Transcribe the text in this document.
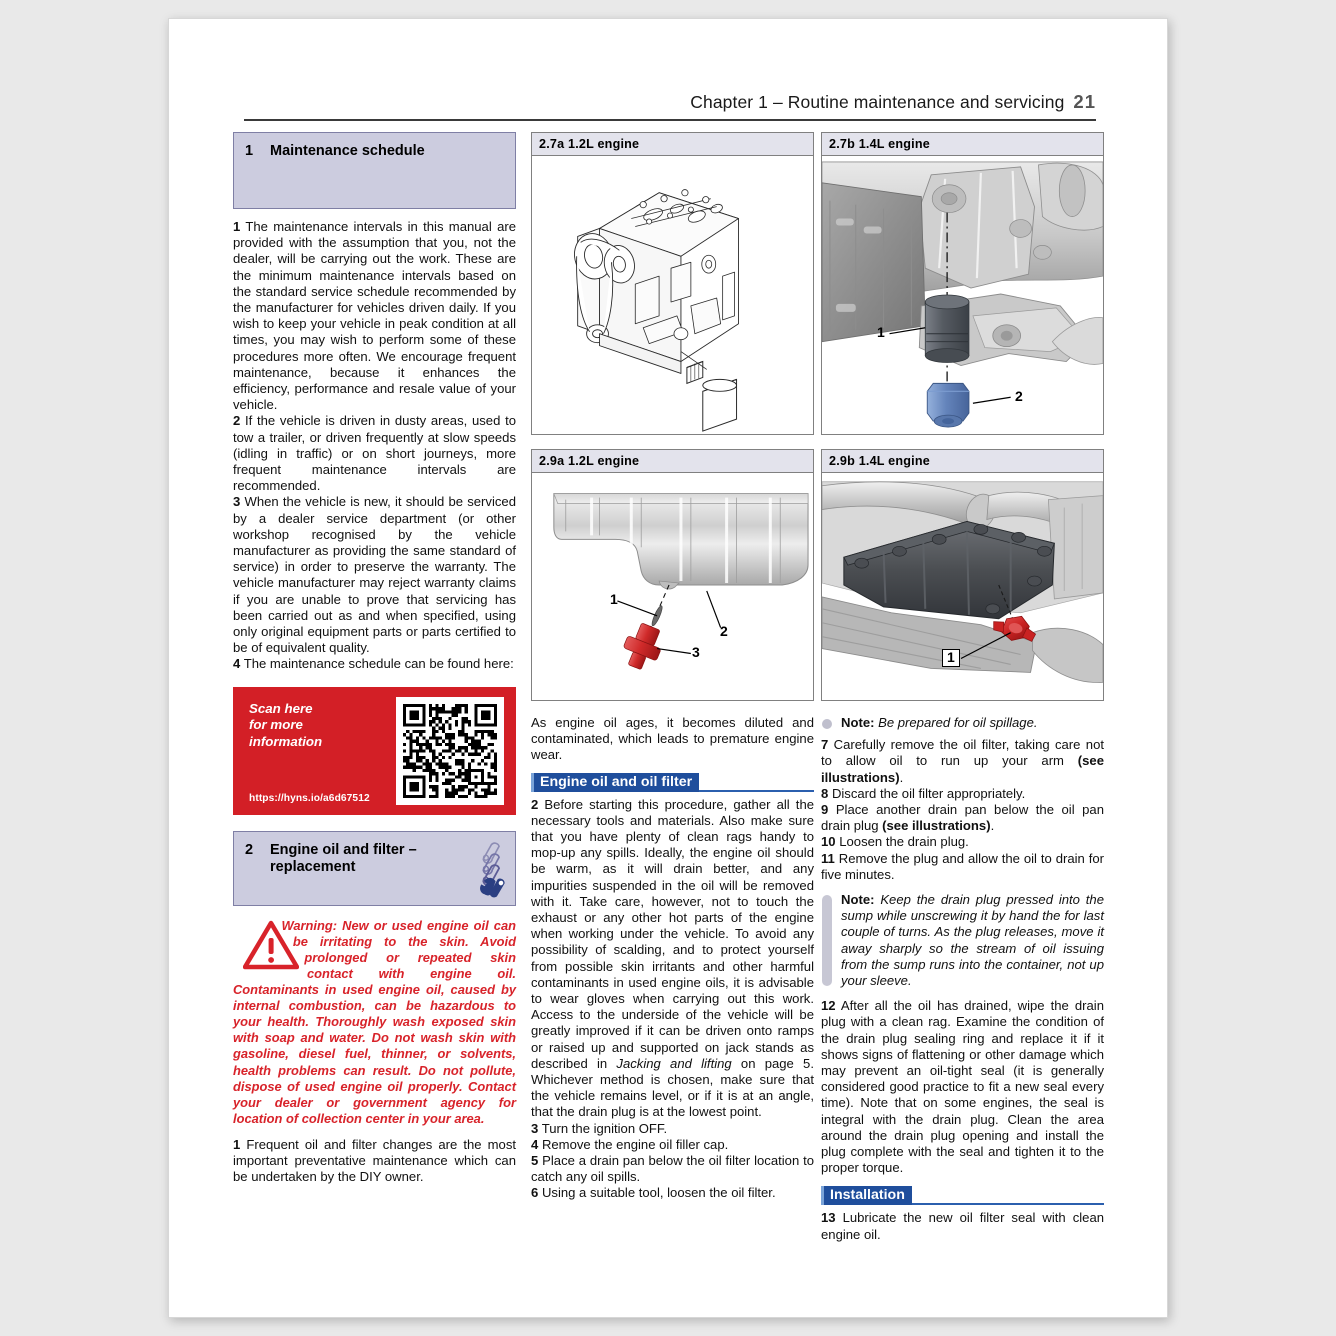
Chapter 1 – Routine maintenance and servicing 21
1 Maintenance schedule

1 The maintenance intervals in this manual are provided with the assumption that you, not the dealer, will be carrying out the work. These are the minimum maintenance intervals based on the standard service schedule recommended by the manufacturer for vehicles driven daily. If you wish to keep your vehicle in peak condition at all times, you may wish to perform some of these procedures more often. We encourage frequent maintenance, because it enhances the efficiency, performance and resale value of your vehicle.

2 If the vehicle is driven in dusty areas, used to tow a trailer, or driven frequently at slow speeds (idling in traffic) or on short journeys, more frequent maintenance intervals are recommended.

3 When the vehicle is new, it should be serviced by a dealer service department (or other workshop recognised by the vehicle manufacturer as providing the same standard of service) in order to preserve the warranty. The vehicle manufacturer may reject warranty claims if you are unable to prove that servicing has been carried out as and when specified, using only original equipment parts or parts certified to be of equivalent quality.

4 The maintenance schedule can be found here:

Scan here
for more
information
https://hyns.io/a6d67512
2 Engine oil and filter – replacement

Warning: New or used engine oil can be irritating to the skin. Avoid prolonged or repeated skin contact with engine oil. Contaminants in used engine oil, caused by internal combustion, can be hazardous to your health. Thoroughly wash exposed skin with soap and water. Do not wash skin with gasoline, diesel fuel, thinner, or solvents, health problems can result. Do not pollute, dispose of used engine oil properly. Contact your dealer or government agency for location of collection center in your area.

1 Frequent oil and filter changes are the most important preventative maintenance which can be undertaken by the DIY owner.

2.7a 1.2L engine
2.9a 1.2L engine
1
2
3

As engine oil ages, it becomes diluted and contaminated, which leads to premature engine wear.

Engine oil and oil filter

2 Before starting this procedure, gather all the necessary tools and materials. Also make sure that you have plenty of clean rags handy to mop-up any spills. Ideally, the engine oil should be warm, as it will drain better, and any impurities suspended in the oil will be removed with it. Take care, however, not to touch the exhaust or any other hot parts of the engine when working under the vehicle. To avoid any possibility of scalding, and to protect yourself from possible skin irritants and other harmful contaminants in used engine oils, it is advisable to wear gloves when carrying out this work. Access to the underside of the vehicle will be greatly improved if it can be driven onto ramps or raised up and supported on jack stands as described in Jacking and lifting on page 5. Whichever method is chosen, make sure that the vehicle remains level, or if it is at an angle, that the drain plug is at the lowest point.

3 Turn the ignition OFF.

4 Remove the engine oil filler cap.

5 Place a drain pan below the oil filter location to catch any oil spills.

6 Using a suitable tool, loosen the oil filter.

2.7b 1.4L engine
1
2
2.9b 1.4L engine
1

Note: Be prepared for oil spillage.

7 Carefully remove the oil filter, taking care not to allow oil to run up your arm (see illustrations).

8 Discard the oil filter appropriately.

9 Place another drain pan below the oil pan drain plug (see illustrations).

10 Loosen the drain plug.

11 Remove the plug and allow the oil to drain for five minutes.

Note: Keep the drain plug pressed into the sump while unscrewing it by hand the for last couple of turns. As the plug releases, move it away sharply so the stream of oil issuing from the sump runs into the container, not up your sleeve.

12 After all the oil has drained, wipe the drain plug with a clean rag. Examine the condition of the drain plug sealing ring and replace it if it shows signs of flattening or other damage which may prevent an oil-tight seal (it is generally considered good practice to fit a new seal every time). Note that on some engines, the seal is integral with the drain plug. Clean the area around the drain plug opening and install the plug complete with the seal and tighten it to the proper torque.

Installation

13 Lubricate the new oil filter seal with clean engine oil.
